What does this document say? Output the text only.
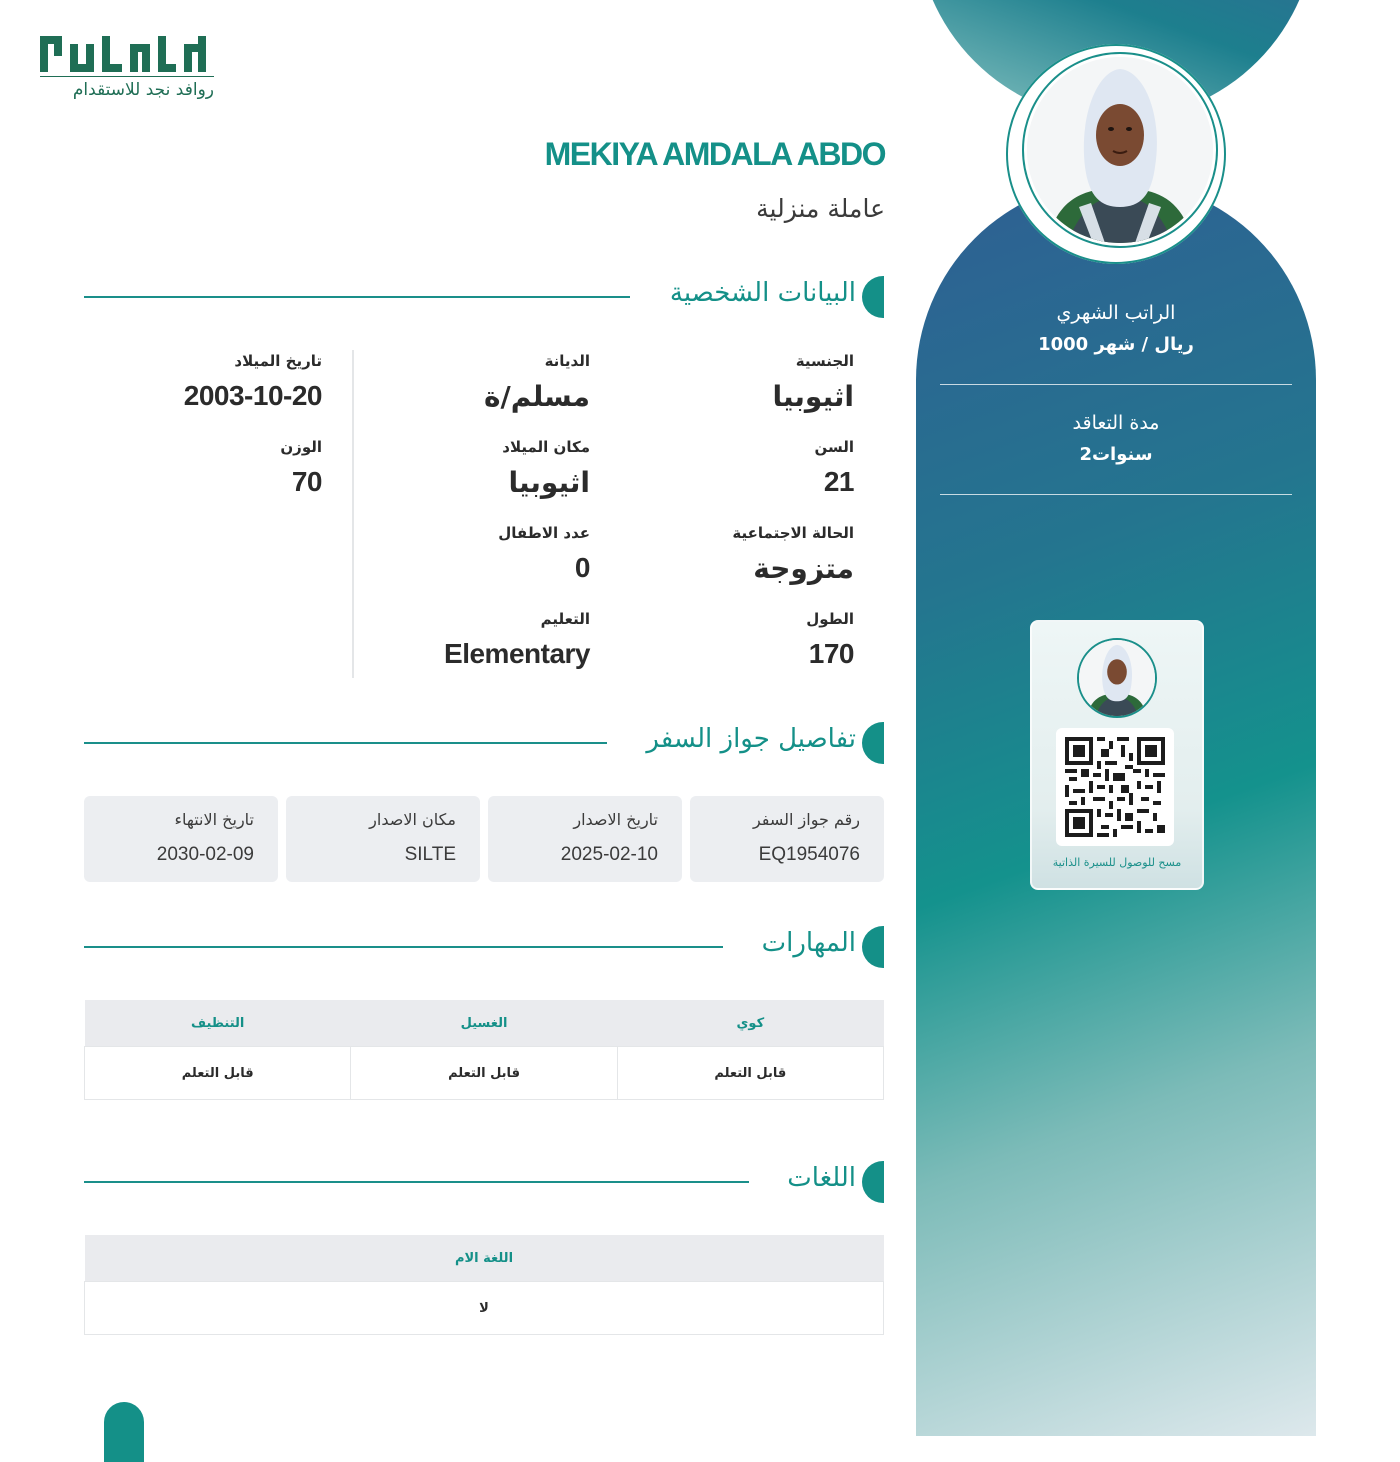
الراتب الشهري
1000 ريال / شهر
مدة التعاقد
2سنوات
مسح للوصول للسيرة الذاتية
روافد نجد للاستقدام
MEKIYA AMDALA ABDO
عاملة منزلية
البيانات الشخصية
الجنسية
اثيوبيا
السن
21
الحالة الاجتماعية
متزوجة
الطول
170
الديانة
مسلم/ة
مكان الميلاد
اثيوبيا
عدد الاطفال
0
التعليم
Elementary
تاريخ الميلاد
2003-10-20
الوزن
70
تفاصيل جواز السفر
رقم جواز السفر
EQ1954076
تاريخ الاصدار
2025-02-10
مكان الاصدار
SILTE
تاريخ الانتهاء
2030-02-09
المهارات
كوي	الغسيل	التنظيف
قابل التعلم	قابل التعلم	قابل التعلم
اللغات
اللغة الام
لا
